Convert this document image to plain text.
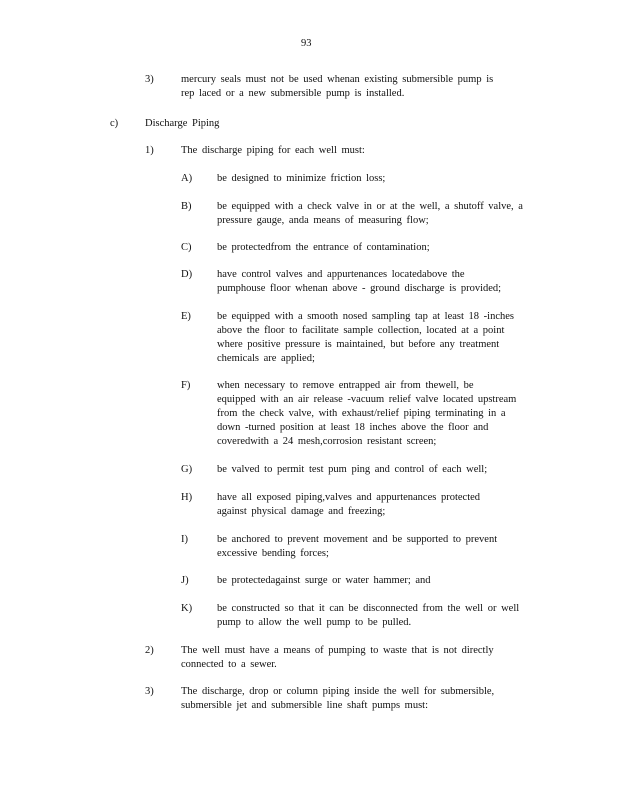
93
3)	mercury seals must not be used whenan existing submersible pump is
rep laced or a new submersible pump is installed.
c)	Discharge Piping
1)	The discharge piping for each well must:
A) be designed to minimize friction loss;
B) be equipped with a check valve in or at the well, a shutoff valve, a
pressure gauge, anda means of measuring flow;
C) be protectedfrom the entrance of contamination;
D) have control valves and appurtenances locatedabove the
pumphouse floor whenan above - ground discharge is provided;
E) be equipped with a smooth nosed sampling tap at least 18 -inches
above the floor to facilitate sample collection, located at a point
where positive pressure is maintained, but before any treatment
chemicals are applied;
F)	when necessary to remove entrapped air from thewell, be
equipped with an air release -vacuum relief valve located upstream
from the check valve, with exhaust/relief piping terminating in a
down -turned position at least 18 inches above the floor and
coveredwith a 24 mesh,corrosion resistant screen;
G) be valved to permit test pum ping and control of each well;
H) have all exposed piping,valves and appurtenances protected
against physical damage and freezing;
I)	be anchored to prevent movement and be supported to prevent
excessive bending forces;
J)	be protectedagainst surge or water hammer; and
K) be constructed so that it can be disconnected from the well or well
pump to allow the well pump to be pulled.
2)	The well must have a means of pumping to waste that is not directly
connected to a sewer.
3)	The discharge, drop or column piping inside the well for submersible,
submersible jet and submersible line shaft pumps must:
